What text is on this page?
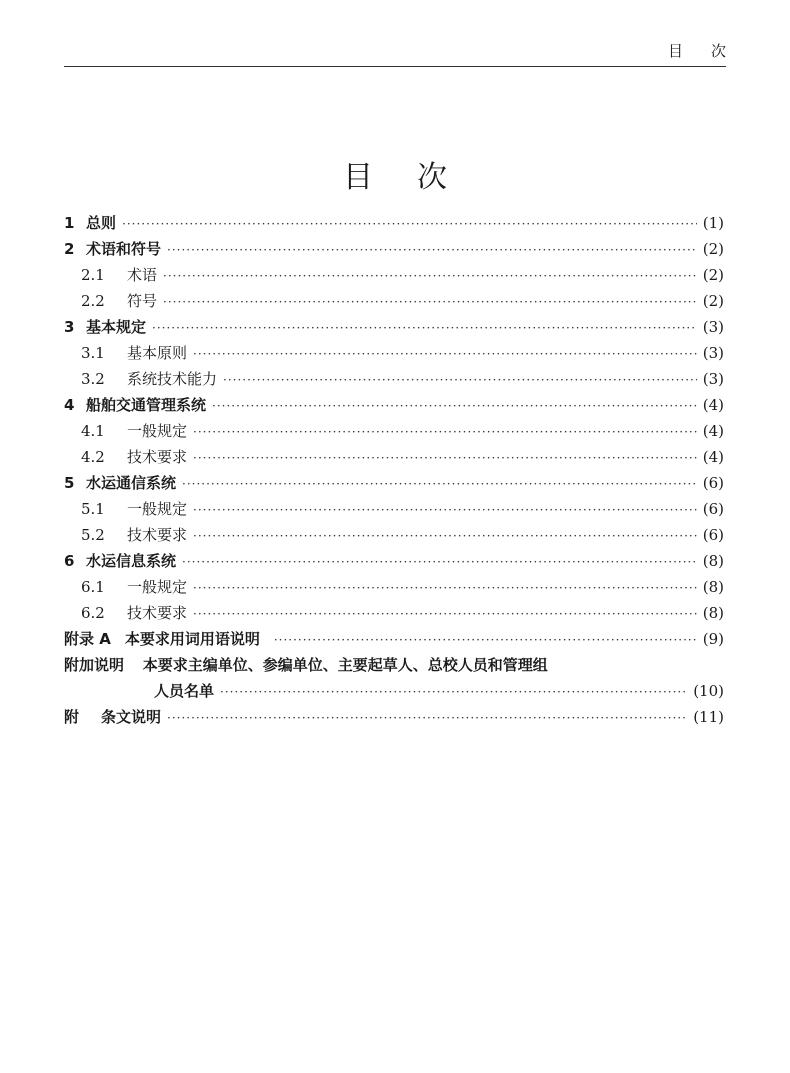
目次
目次
1 总则 ·····	(1)
2 术语和符号 ·····	(2)
2.1	术语 ·····	(2)
2.2	符号 ·····	(2)
3 基本规定 ·····	(3)
3.1	基本原则 ·····	(3)
3.2	系统技术能力 ·····	(3)
4 船舶交通管理系统 ·····	(4)
4.1	一般规定 ·····	(4)
4.2	技术要求 ·····	(4)
5 水运通信系统 ·····	(6)
5.1	一般规定 ·····	(6)
5.2	技术要求 ·····	(6)
6 水运信息系统 ·····	(8)
6.1	一般规定 ·····	(8)
6.2	技术要求 ·····	(8)
附录 A 本要求用词用语说明 ·····	(9)
附加说明 本要求主编单位、参编单位、主要起草人、总校人员和管理组
人员名单 ·····	(10)
附 条文说明 ·····	(11)
